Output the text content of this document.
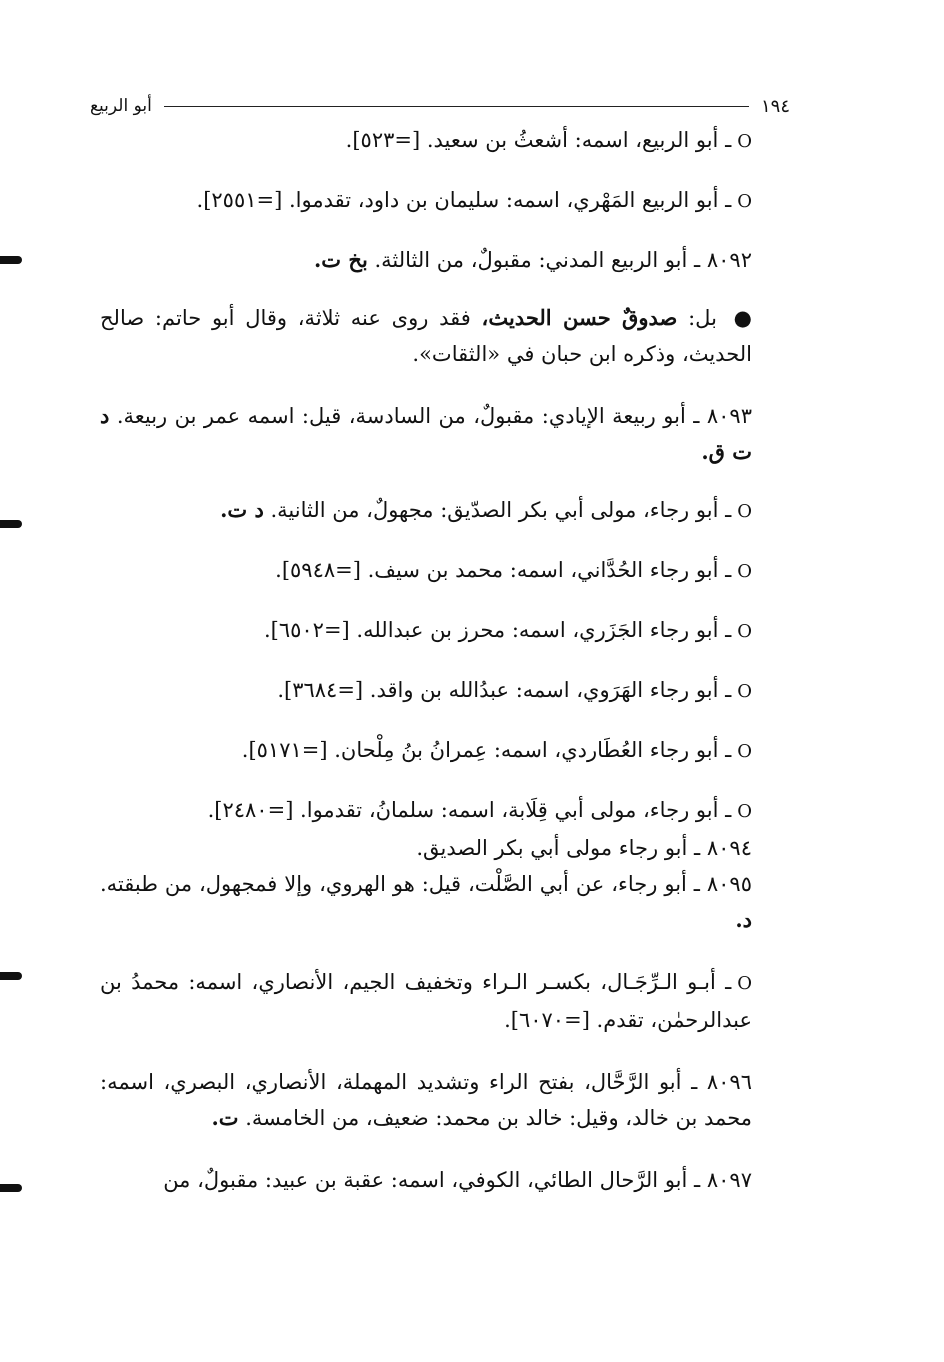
١٩٤
أبو الربيع

Oـ أبو الربيع، اسمه: أشعثُ بن سعيد. [=٥٢٣].

Oـ أبو الربيع المَهْري، اسمه: سليمان بن داود، تقدموا. [=٢٥٥١].

٨٠٩٢ ـ أبو الربيع المدني: مقبولٌ، من الثالثة. بخ ت.

● بل: صدوقٌ حسن الحديث، فقد روى عنه ثلاثة، وقال أبو حاتم: صالح الحديث، وذكره ابن حبان في «الثقات».

٨٠٩٣ ـ أبو ربيعة الإيادي: مقبولٌ، من السادسة، قيل: اسمه عمر بن ربيعة. د ت ق.

Oـ أبو رجاء، مولى أبي بكر الصدّيق: مجهولٌ، من الثانية. د ت.

Oـ أبو رجاء الحُدَّاني، اسمه: محمد بن سيف. [=٥٩٤٨].

Oـ أبو رجاء الجَزَري، اسمه: محرز بن عبدالله. [=٦٥٠٢].

Oـ أبو رجاء الهَرَوي، اسمه: عبدُالله بن واقد. [=٣٦٨٤].

Oـ أبو رجاء العُطَاردي، اسمه: عِمرانُ بنُ مِلْحان. [=٥١٧١].

Oـ أبو رجاء، مولى أبي قِلَابة، اسمه: سلمانُ، تقدموا. [=٢٤٨٠].

٨٠٩٤ ـ أبو رجاء مولى أبي بكر الصديق.

٨٠٩٥ ـ أبو رجاء، عن أبي الصَّلْت، قيل: هو الهروي، وإلا فمجهول، من طبقته. د.

Oـ أبـو الـرِّجَـال، بكسـر الـراء وتخفيف الجيم، الأنصاري، اسمه: محمدُ بن عبدالرحمٰن، تقدم. [=٦٠٧٠].

٨٠٩٦ ـ أبو الرَّحَّال، بفتح الراء وتشديد المهملة، الأنصاري، البصري، اسمه: محمد بن خالد، وقيل: خالد بن محمد: ضعيف، من الخامسة. ت.

٨٠٩٧ ـ أبو الرَّحال الطائي، الكوفي، اسمه: عقبة بن عبيد: مقبولٌ، من
